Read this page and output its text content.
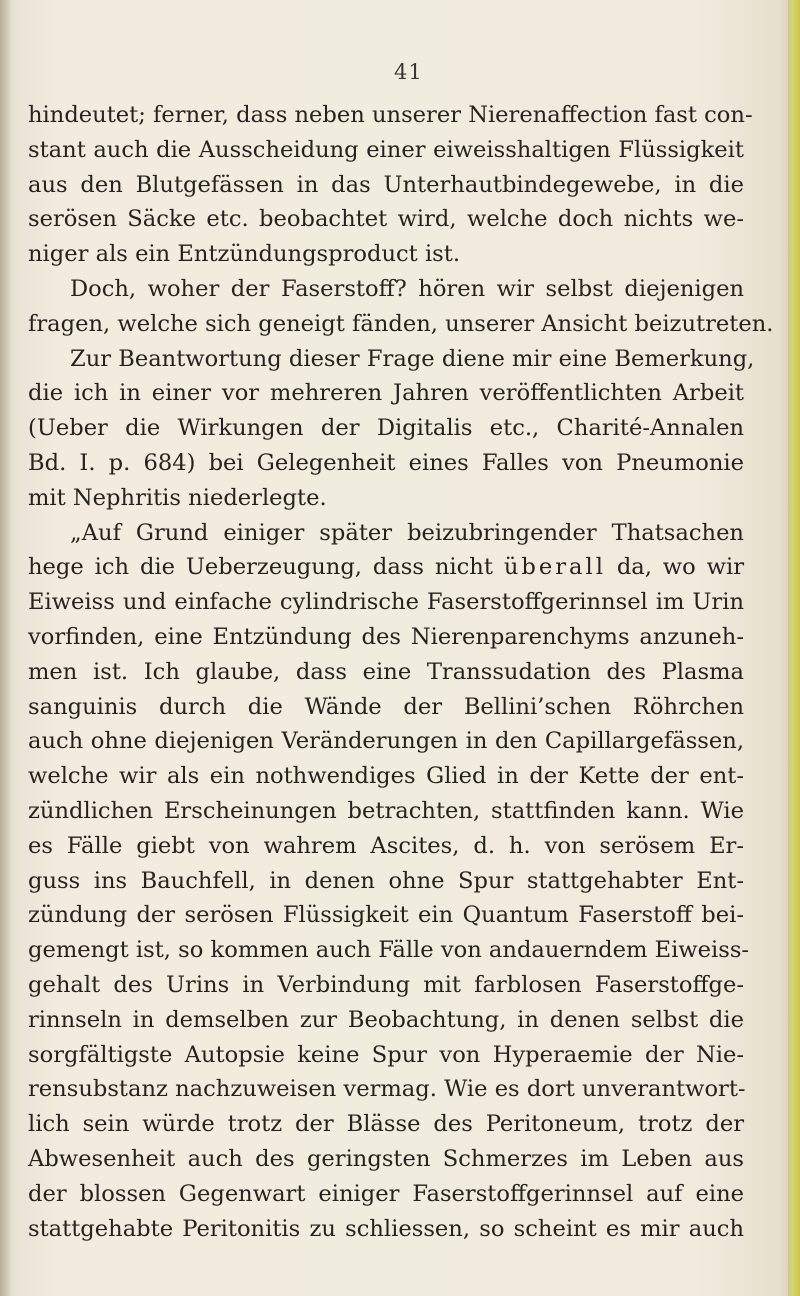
41
hindeutet; ferner, dass neben unserer Nierenaffection fast con-
stant auch die Ausscheidung einer eiweisshaltigen Flüssigkeit
aus den Blutgefässen in das Unterhautbindegewebe, in die
serösen Säcke etc. beobachtet wird, welche doch nichts we-
niger als ein Entzündungsproduct ist.
Doch, woher der Faserstoff? hören wir selbst diejenigen
fragen, welche sich geneigt fänden, unserer Ansicht beizutreten.
Zur Beantwortung dieser Frage diene mir eine Bemerkung,
die ich in einer vor mehreren Jahren veröffentlichten Arbeit
(Ueber die Wirkungen der Digitalis etc., Charité-Annalen
Bd. I. p. 684) bei Gelegenheit eines Falles von Pneumonie
mit Nephritis niederlegte.
„Auf Grund einiger später beizubringender Thatsachen
hege ich die Ueberzeugung, dass nicht überall da, wo wir
Eiweiss und einfache cylindrische Faserstoffgerinnsel im Urin
vorfinden, eine Entzündung des Nierenparenchyms anzuneh-
men ist. Ich glaube, dass eine Transsudation des Plasma
sanguinis durch die Wände der Bellini’schen Röhrchen
auch ohne diejenigen Veränderungen in den Capillargefässen,
welche wir als ein nothwendiges Glied in der Kette der ent-
zündlichen Erscheinungen betrachten, stattfinden kann. Wie
es Fälle giebt von wahrem Ascites, d. h. von serösem Er-
guss ins Bauchfell, in denen ohne Spur stattgehabter Ent-
zündung der serösen Flüssigkeit ein Quantum Faserstoff bei-
gemengt ist, so kommen auch Fälle von andauerndem Eiweiss-
gehalt des Urins in Verbindung mit farblosen Faserstoffge-
rinnseln in demselben zur Beobachtung, in denen selbst die
sorgfältigste Autopsie keine Spur von Hyperaemie der Nie-
rensubstanz nachzuweisen vermag. Wie es dort unverantwort-
lich sein würde trotz der Blässe des Peritoneum, trotz der
Abwesenheit auch des geringsten Schmerzes im Leben aus
der blossen Gegenwart einiger Faserstoffgerinnsel auf eine
stattgehabte Peritonitis zu schliessen, so scheint es mir auch
